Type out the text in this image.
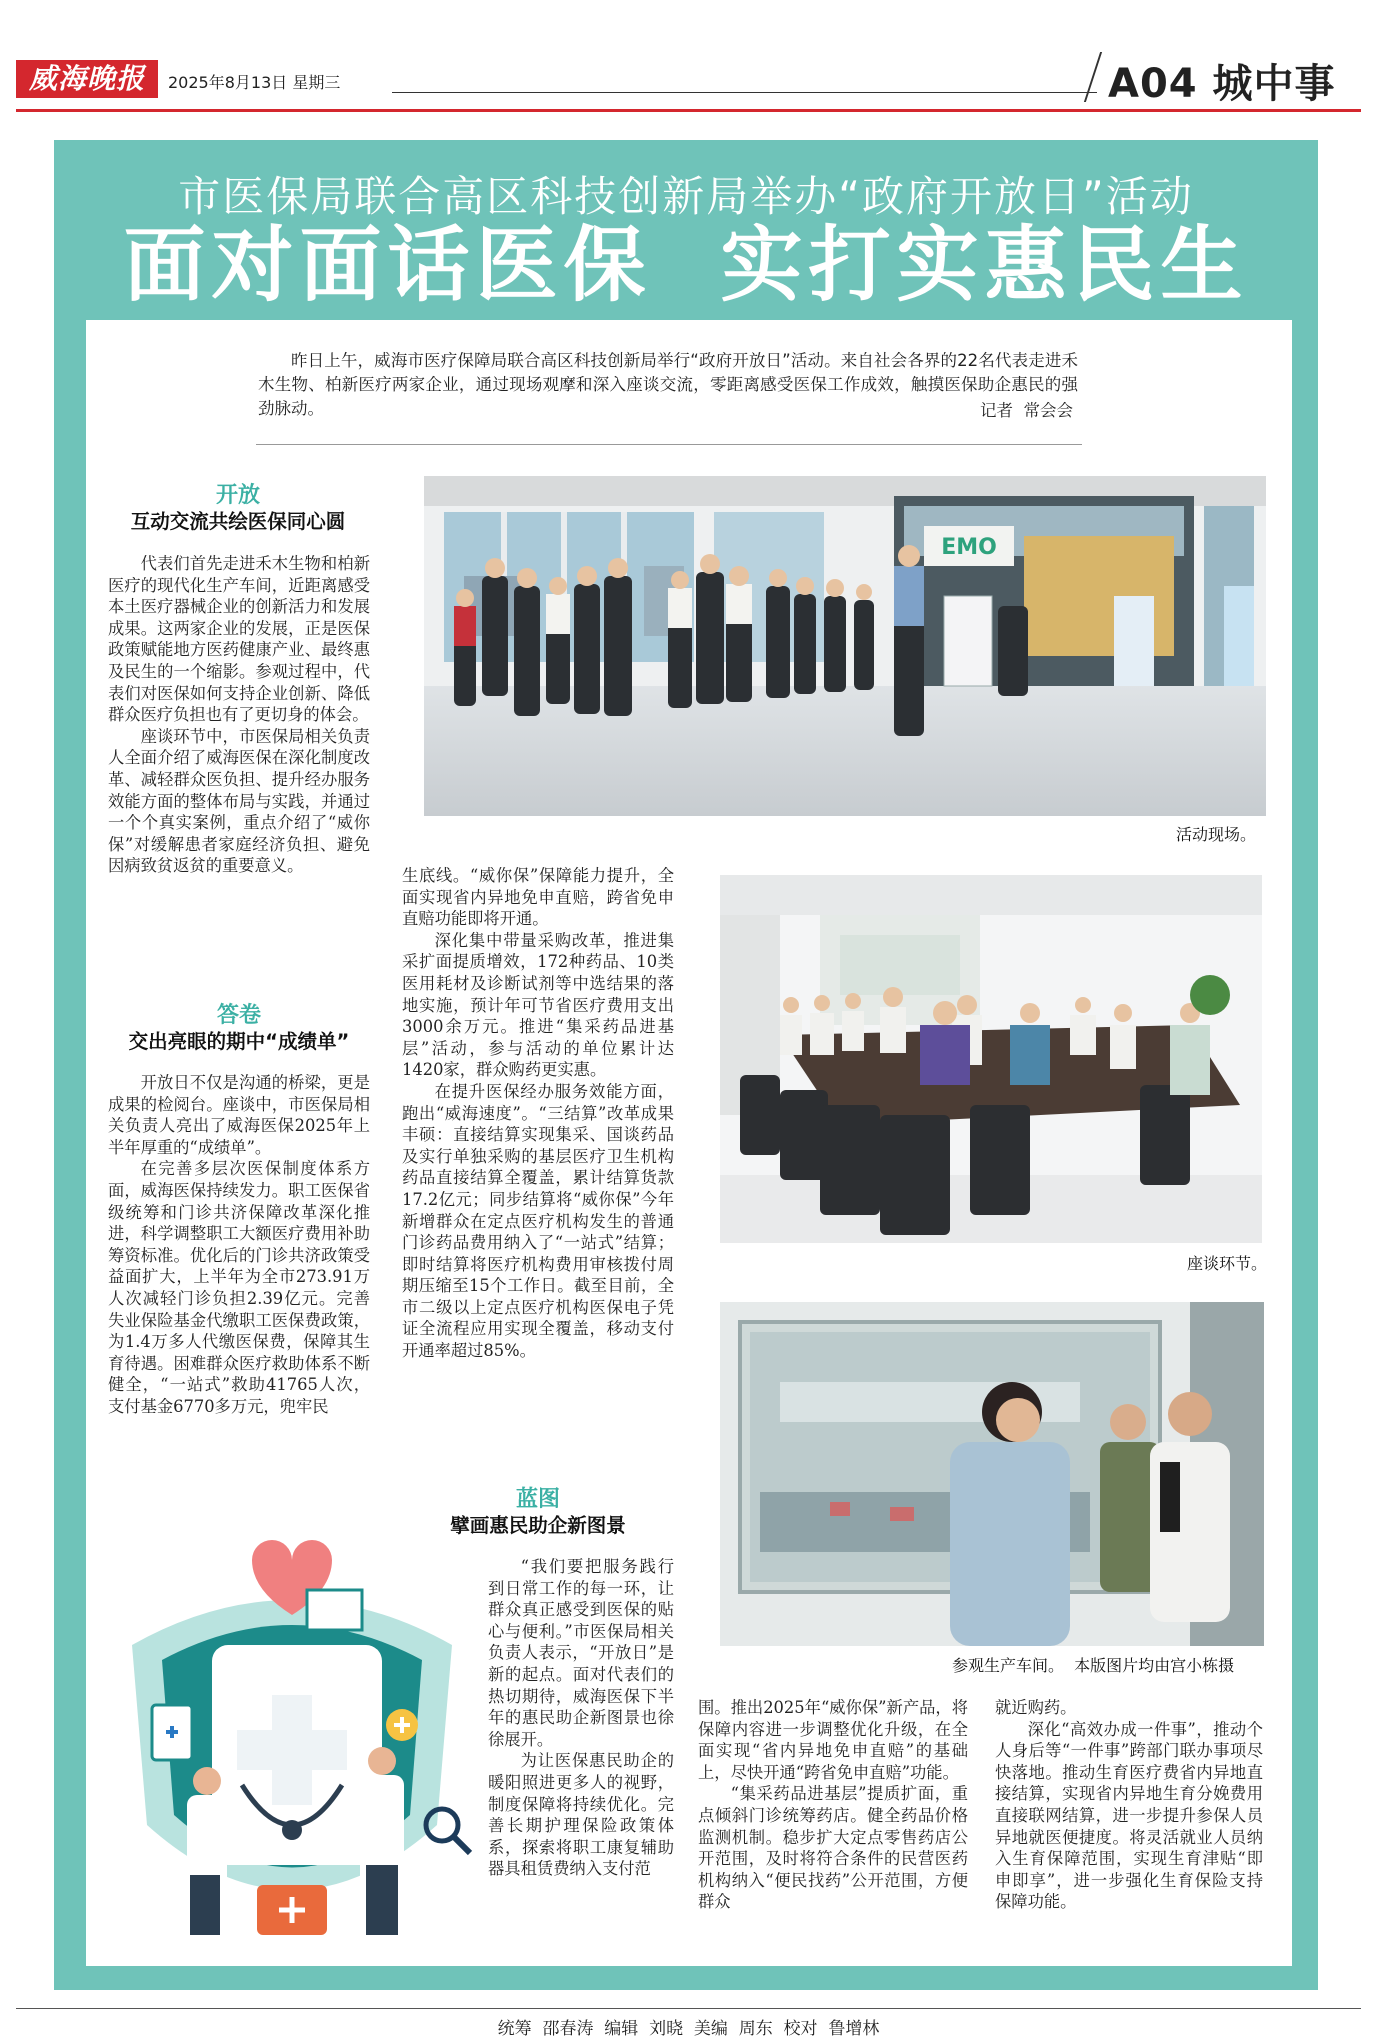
威海晚报	2025年8月13日 星期三	A04 城中事
市医保局联合高区科技创新局举办“政府开放日”活动
面对面话医保  实打实惠民生
昨日上午，威海市医疗保障局联合高区科技创新局举行“政府开放日”活动。来自社会各界的22名代表走进禾木生物、柏新医疗两家企业，通过现场观摩和深入座谈交流，零距离感受医保工作成效，触摸医保助企惠民的强劲脉动。	记者  常会会
开放
互动交流共绘医保同心圆

代表们首先走进禾木生物和柏新医疗的现代化生产车间，近距离感受本土医疗器械企业的创新活力和发展成果。这两家企业的发展，正是医保政策赋能地方医药健康产业、最终惠及民生的一个缩影。参观过程中，代表们对医保如何支持企业创新、降低群众医疗负担也有了更切身的体会。

座谈环节中，市医保局相关负责人全面介绍了威海医保在深化制度改革、减轻群众医负担、提升经办服务效能方面的整体布局与实践，并通过一个个真实案例，重点介绍了“威你保”对缓解患者家庭经济负担、避免因病致贫返贫的重要意义。

答卷
交出亮眼的期中“成绩单”

开放日不仅是沟通的桥梁，更是成果的检阅台。座谈中，市医保局相关负责人亮出了威海医保2025年上半年厚重的“成绩单”。

在完善多层次医保制度体系方面，威海医保持续发力。职工医保省级统筹和门诊共济保障改革深化推进，科学调整职工大额医疗费用补助筹资标准。优化后的门诊共济政策受益面扩大，上半年为全市273.91万人次减轻门诊负担2.39亿元。完善失业保险基金代缴职工医保费政策，为1.4万多人代缴医保费，保障其生育待遇。困难群众医疗救助体系不断健全，“一站式”救助41765人次，支付基金6770多万元，兜牢民

生底线。“威你保”保障能力提升，全面实现省内异地免申直赔，跨省免申直赔功能即将开通。

深化集中带量采购改革，推进集采扩面提质增效，172种药品、10类医用耗材及诊断试剂等中选结果的落地实施，预计年可节省医疗费用支出3000余万元。推进“集采药品进基层”活动，参与活动的单位累计达1420家，群众购药更实惠。

在提升医保经办服务效能方面，跑出“威海速度”。“三结算”改革成果丰硕：直接结算实现集采、国谈药品及实行单独采购的基层医疗卫生机构药品直接结算全覆盖，累计结算货款17.2亿元；同步结算将“威你保”今年新增群众在定点医疗机构发生的普通门诊药品费用纳入了“一站式”结算；即时结算将医疗机构费用审核拨付周期压缩至15个工作日。截至目前，全市二级以上定点医疗机构医保电子凭证全流程应用实现全覆盖，移动支付开通率超过85%。

蓝图
擘画惠民助企新图景

“我们要把服务践行到日常工作的每一环，让群众真正感受到医保的贴心与便利。”市医保局相关负责人表示，“开放日”是新的起点。面对代表们的热切期待，威海医保下半年的惠民助企新图景也徐徐展开。

为让医保惠民助企的暖阳照进更多人的视野，制度保障将持续优化。完善长期护理保险政策体系，探索将职工康复辅助器具租赁费纳入支付范

围。推出2025年“威你保”新产品，将保障内容进一步调整优化升级，在全面实现“省内异地免申直赔”的基础上，尽快开通“跨省免申直赔”功能。

“集采药品进基层”提质扩面，重点倾斜门诊统筹药店。健全药品价格监测机制。稳步扩大定点零售药店公开范围，及时将符合条件的民营医药机构纳入“便民找药”公开范围，方便群众

就近购药。

深化“高效办成一件事”，推动个人身后等“一件事”跨部门联办事项尽快落地。推动生育医疗费省内异地直接结算，实现省内异地生育分娩费用直接联网结算，进一步提升参保人员异地就医便捷度。将灵活就业人员纳入生育保障范围，实现生育津贴“即申即享”，进一步强化生育保险支持保障功能。

EMO
活动现场。
座谈环节。
参观生产车间。  本版图片均由宫小栋摄
统筹  邵春涛  编辑  刘晓  美编  周东  校对  鲁增林
